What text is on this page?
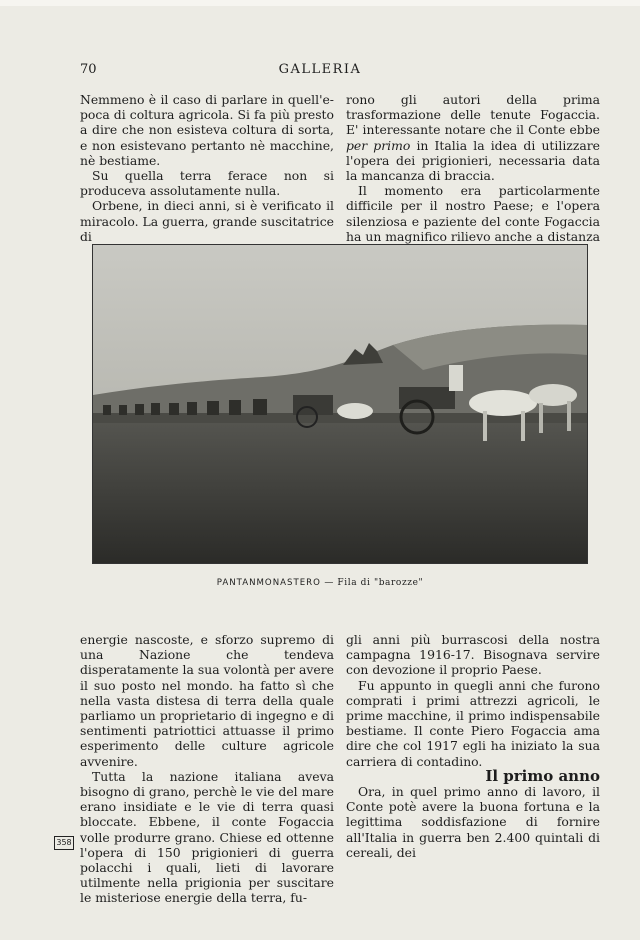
70	GALLERIA

Nemmeno è il caso di parlare in quell'e-poca di coltura agricola. Si fa più presto a dire che non esisteva coltura di sorta, e non esistevano pertanto nè macchine, nè bestiame.

Su quella terra ferace non si produceva assolutamente nulla.

Orbene, in dieci anni, si è verificato il miracolo. La guerra, grande suscitatrice di

rono gli autori della prima trasformazione delle tenute Fogaccia. E' interessante notare che il Conte ebbe per primo in Italia la idea di utilizzare l'opera dei prigionieri, necessaria data la mancanza di braccia.

Il momento era particolarmente difficile per il nostro Paese; e l'opera silenziosa e paziente del conte Fogaccia ha un magnifico rilievo anche a distanza

PANTANMONASTERO — Fila di "barozze"

energie nascoste, e sforzo supremo di una Nazione che tendeva disperatamente la sua volontà per avere il suo posto nel mondo. ha fatto sì che nella vasta distesa di terra della quale parliamo un proprietario di ingegno e di sentimenti patriottici attuasse il primo esperimento delle culture agricole avvenire.

Tutta la nazione italiana aveva bisogno di grano, perchè le vie del mare erano insidiate e le vie di terra quasi bloccate. Ebbene, il conte Fogaccia volle produrre grano. Chiese ed ottenne l'opera di 150 prigionieri di guerra polacchi i quali, lieti di lavorare utilmente nella prigionia per suscitare le misteriose energie della terra, fu-

gli anni più burrascosi della nostra campagna 1916-17. Bisognava servire con devozione il proprio Paese.

Fu appunto in quegli anni che furono comprati i primi attrezzi agricoli, le prime macchine, il primo indispensabile bestiame. Il conte Piero Fogaccia ama dire che col 1917 egli ha iniziato la sua carriera di contadino.

Il primo anno

Ora, in quel primo anno di lavoro, il Conte potè avere la buona fortuna e la legittima soddisfazione di fornire all'Italia in guerra ben 2.400 quintali di cereali, dei

358
